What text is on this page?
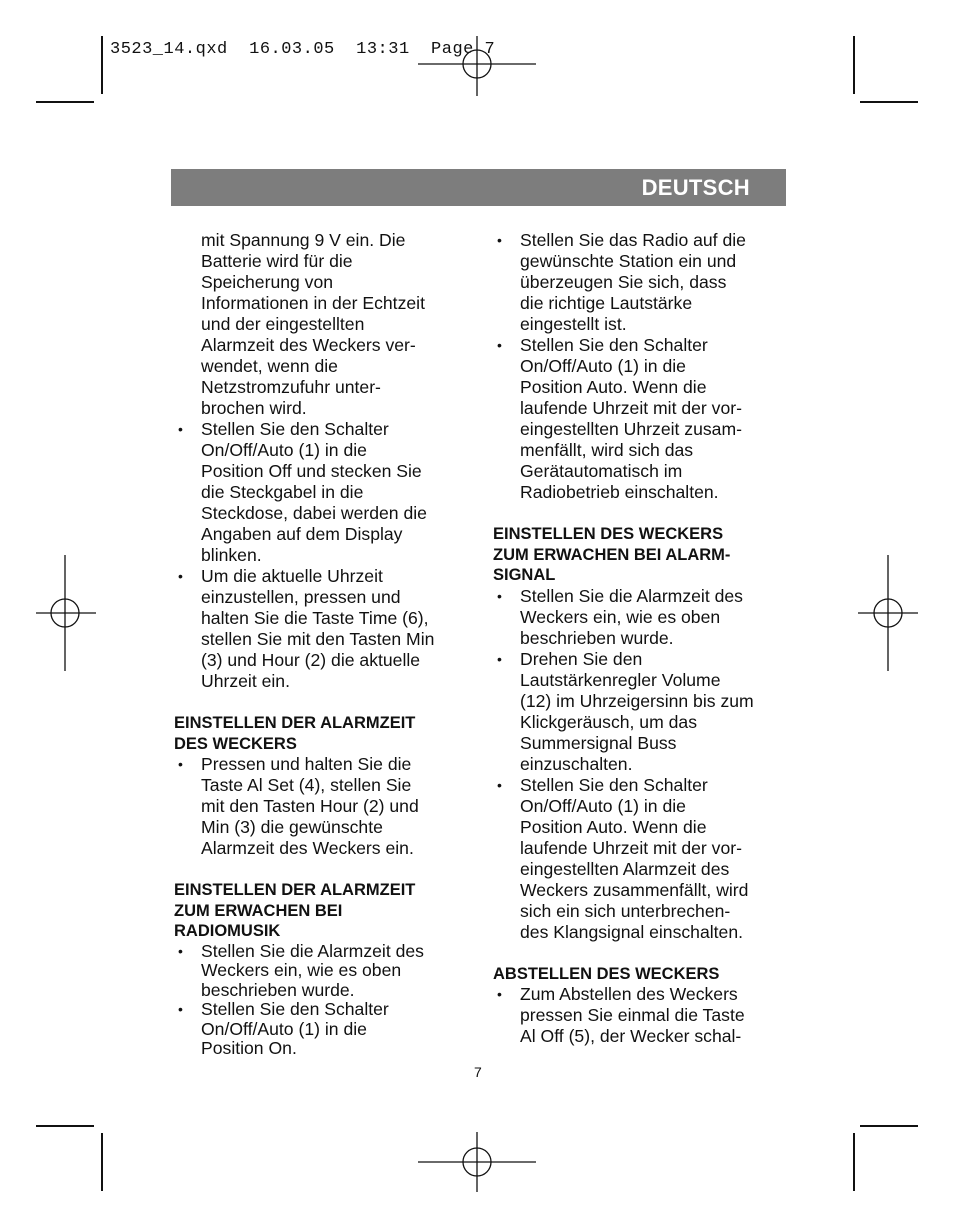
3523_14.qxd  16.03.05  13:31  Page 7
DEUTSCH
mit Spannung 9 V ein. Die
Batterie wird für die
Speicherung von
Informationen in der Echtzeit
und der eingestellten
Alarmzeit des Weckers ver-
wendet, wenn die
Netzstromzufuhr unter-
brochen wird.
• Stellen Sie den Schalter
On/Off/Auto (1) in die
Position Off und stecken Sie
die Steckgabel in die
Steckdose, dabei werden die
Angaben auf dem Display
blinken.
• Um die aktuelle Uhrzeit
einzustellen, pressen und
halten Sie die Taste Time (6),
stellen Sie mit den Tasten Min
(3) und Hour (2) die aktuelle
Uhrzeit ein.
EINSTELLEN DER ALARMZEIT
DES WECKERS
• Pressen und halten Sie die
Taste Al Set (4), stellen Sie
mit den Tasten Hour (2) und
Min (3) die gewünschte
Alarmzeit des Weckers ein.
EINSTELLEN DER ALARMZEIT
ZUM ERWACHEN BEI
RADIOMUSIK
• Stellen Sie die Alarmzeit des
Weckers ein, wie es oben
beschrieben wurde.
• Stellen Sie den Schalter
On/Off/Auto (1) in die
Position On.
• Stellen Sie das Radio auf die
gewünschte Station ein und
überzeugen Sie sich, dass
die richtige Lautstärke
eingestellt ist.
• Stellen Sie den Schalter
On/Off/Auto (1) in die
Position Auto. Wenn die
laufende Uhrzeit mit der vor-
eingestellten Uhrzeit zusam-
menfällt, wird sich das
Gerätautomatisch im
Radiobetrieb einschalten.
EINSTELLEN DES WECKERS
ZUM ERWACHEN BEI ALARM-
SIGNAL
• Stellen Sie die Alarmzeit des
Weckers ein, wie es oben
beschrieben wurde.
• Drehen Sie den
Lautstärkenregler Volume
(12) im Uhrzeigersinn bis zum
Klickgeräusch, um das
Summersignal Buss
einzuschalten.
• Stellen Sie den Schalter
On/Off/Auto (1) in die
Position Auto. Wenn die
laufende Uhrzeit mit der vor-
eingestellten Alarmzeit des
Weckers zusammenfällt, wird
sich ein sich unterbrechen-
des Klangsignal einschalten.
ABSTELLEN DES WECKERS
• Zum Abstellen des Weckers
pressen Sie einmal die Taste
Al Off (5), der Wecker schal-
7
